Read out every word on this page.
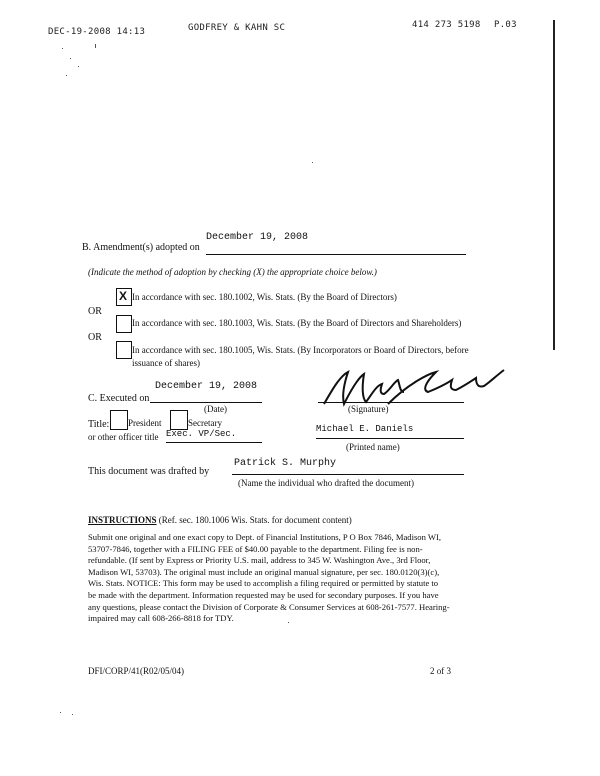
DEC-19-2008 14:13	GODFREY & KAHN SC	414 273 5198 P.03
December 19, 2008
B. Amendment(s) adopted on
(Indicate the method of adoption by checking (X) the appropriate choice below.)
X In accordance with sec. 180.1002, Wis. Stats. (By the Board of Directors)
OR
In accordance with sec. 180.1003, Wis. Stats. (By the Board of Directors and Shareholders)
OR
In accordance with sec. 180.1005, Wis. Stats. (By Incorporators or Board of Directors, before
issuance of shares)
December 19, 2008
C. Executed on
(Date)	(Signature)
Title: President	Secretary
or other officer title Exec. VP/Sec.	Michael E. Daniels
(Printed name)
Patrick S. Murphy
This document was drafted by
(Name the individual who drafted the document)
INSTRUCTIONS (Ref. sec. 180.1006 Wis. Stats. for document content)

Submit one original and one exact copy to Dept. of Financial Institutions, P O Box 7846, Madison WI,

53707-7846, together with a FILING FEE of $40.00 payable to the department. Filing fee is non-

refundable. (If sent by Express or Priority U.S. mail, address to 345 W. Washington Ave., 3rd Floor,

Madison WI, 53703). The original must include an original manual signature, per sec. 180.0120(3)(c),

Wis. Stats. NOTICE: This form may be used to accomplish a filing required or permitted by statute to

be made with the department. Information requested may be used for secondary purposes. If you have

any questions, please contact the Division of Corporate & Consumer Services at 608-261-7577. Hearing-

impaired may call 608-266-8818 for TDY.

DFI/CORP/41(R02/05/04)	2 of 3
